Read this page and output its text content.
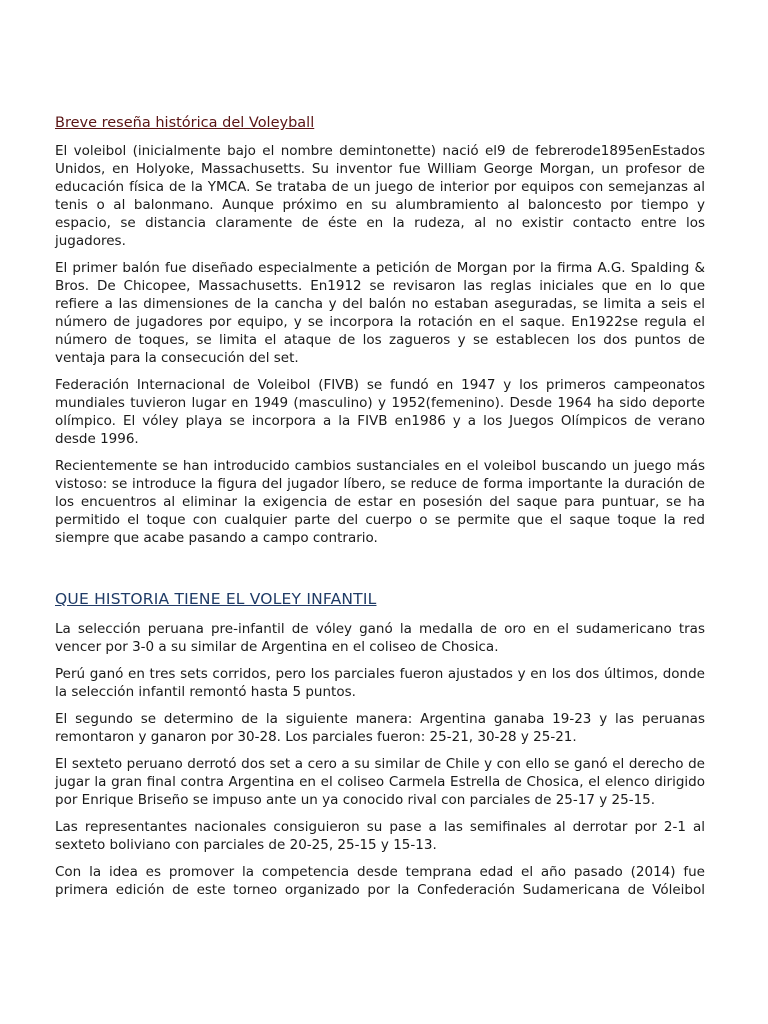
Breve reseña histórica del Voleyball

El voleibol (inicialmente bajo el nombre demintonette) nació el9 de febrerode1895enEstados Unidos, en Holyoke, Massachusetts. Su inventor fue William George Morgan, un profesor de educación física de la YMCA. Se trataba de un juego de interior por equipos con semejanzas al tenis o al balonmano. Aunque próximo en su alumbramiento al baloncesto por tiempo y espacio, se distancia claramente de éste en la rudeza, al no existir contacto entre los jugadores.

El primer balón fue diseñado especialmente a petición de Morgan por la firma A.G. Spalding & Bros. De Chicopee, Massachusetts. En1912 se revisaron las reglas iniciales que en lo que refiere a las dimensiones de la cancha y del balón no estaban aseguradas, se limita a seis el número de jugadores por equipo, y se incorpora la rotación en el saque. En1922se regula el número de toques, se limita el ataque de los zagueros y se establecen los dos puntos de ventaja para la consecución del set.

Federación Internacional de Voleibol (FIVB) se fundó en 1947 y los primeros campeonatos mundiales tuvieron lugar en 1949 (masculino) y 1952(femenino). Desde 1964 ha sido deporte olímpico. El vóley playa se incorpora a la FIVB en1986 y a los Juegos Olímpicos de verano desde 1996.

Recientemente se han introducido cambios sustanciales en el voleibol buscando un juego más vistoso: se introduce la figura del jugador líbero, se reduce de forma importante la duración de los encuentros al eliminar la exigencia de estar en posesión del saque para puntuar, se ha permitido el toque con cualquier parte del cuerpo o se permite que el saque toque la red siempre que acabe pasando a campo contrario.

QUE HISTORIA TIENE EL VOLEY INFANTIL

La selección peruana pre-infantil de vóley ganó la medalla de oro en el sudamericano tras vencer por 3-0 a su similar de Argentina en el coliseo de Chosica.

Perú ganó en tres sets corridos, pero los parciales fueron ajustados y en los dos últimos, donde la selección infantil remontó hasta 5 puntos.

El segundo se determino de la siguiente manera: Argentina ganaba 19-23 y las peruanas remontaron y ganaron por 30-28. Los parciales fueron: 25-21, 30-28 y 25-21.

El sexteto peruano derrotó dos set a cero a su similar de Chile y con ello se ganó el derecho de jugar la gran final contra Argentina en el coliseo Carmela Estrella de Chosica, el elenco dirigido por Enrique Briseño se impuso ante un ya conocido rival con parciales de 25-17 y 25-15.

Las representantes nacionales consiguieron su pase a las semifinales al derrotar por 2-1 al sexteto boliviano con parciales de 20-25, 25-15 y 15-13.

Con la idea es promover la competencia desde temprana edad el año pasado (2014) fue primera edición de este torneo organizado por la Confederación Sudamericana de Vóleibol
